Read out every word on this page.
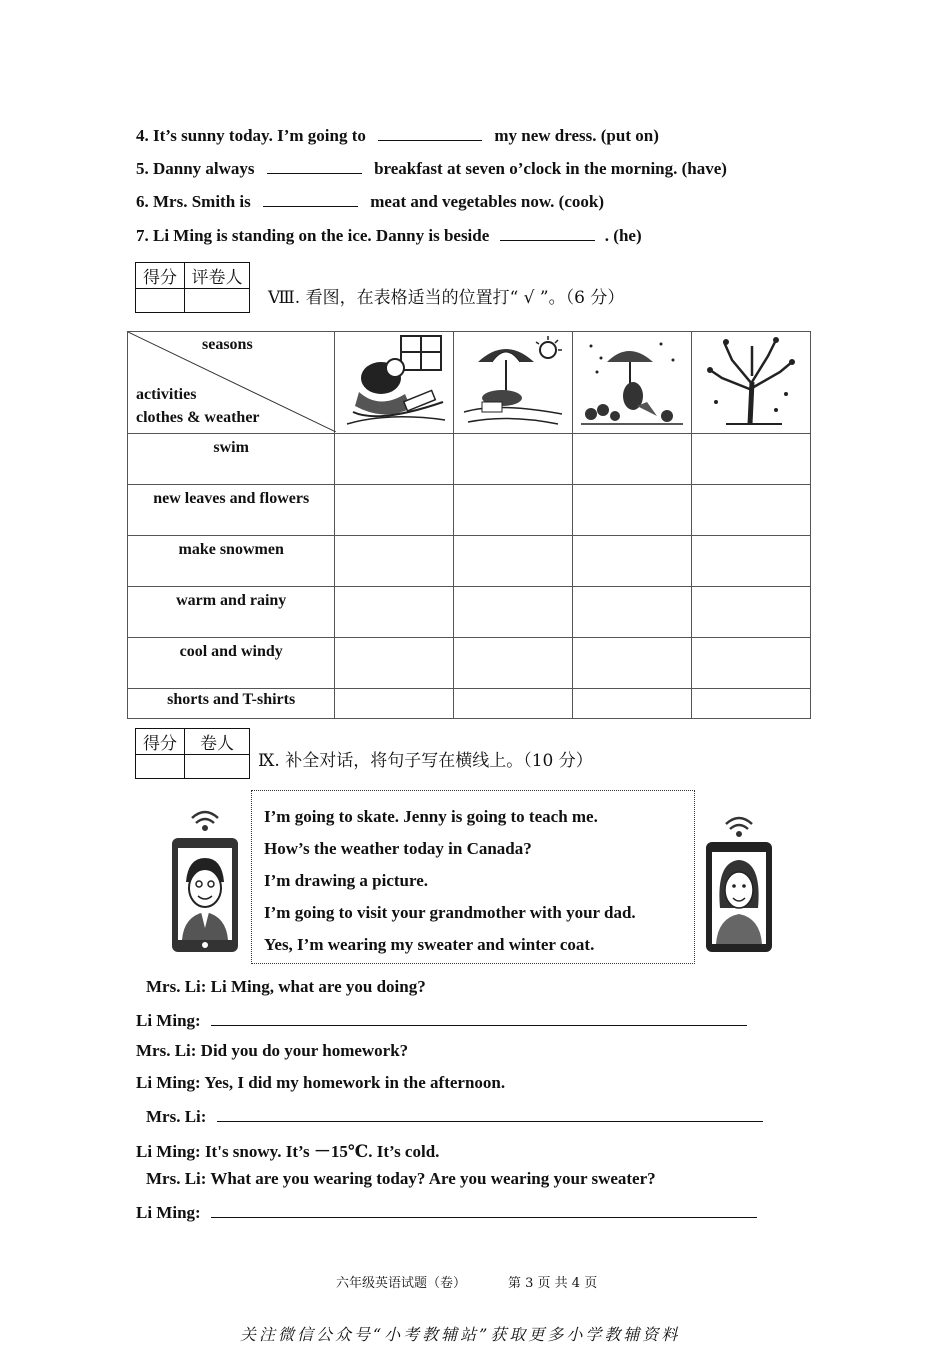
4. It’s sunny today. I’m going to	my new dress. (put on)
5. Danny always	breakfast at seven o’clock in the morning. (have)
6. Mrs. Smith is	meat and vegetables now. (cook)
7. Li Ming is standing on the ice. Danny is beside	. (he)
得分	评卷人

Ⅷ. 看图，在表格适当的位置打“ √ ”。（6 分）
seasons
activities
clothes & weather

swim				
new leaves and flowers				
make snowmen				
warm and rainy				
cool and windy				
shorts and T-shirts				
得分	卷人

Ⅸ. 补全对话，将句子写在横线上。（10 分）
I’m going to skate. Jenny is going to teach me.
How’s the weather today in Canada?
I’m drawing a picture.
I’m going to visit your grandmother with your dad.
Yes, I’m wearing my sweater and winter coat.
Mrs. Li: Li Ming, what are you doing?
Li Ming:
Mrs. Li: Did you do your homework?
Li Ming: Yes, I did my homework in the afternoon.
Mrs. Li:
Li Ming: It's snowy. It’s －15℃. It’s cold.
Mrs. Li: What are you wearing today? Are you wearing your sweater?
Li Ming:
六年级英语试题（卷）	第 3 页 共 4 页
关注微信公众号“小考教辅站”获取更多小学教辅资料
